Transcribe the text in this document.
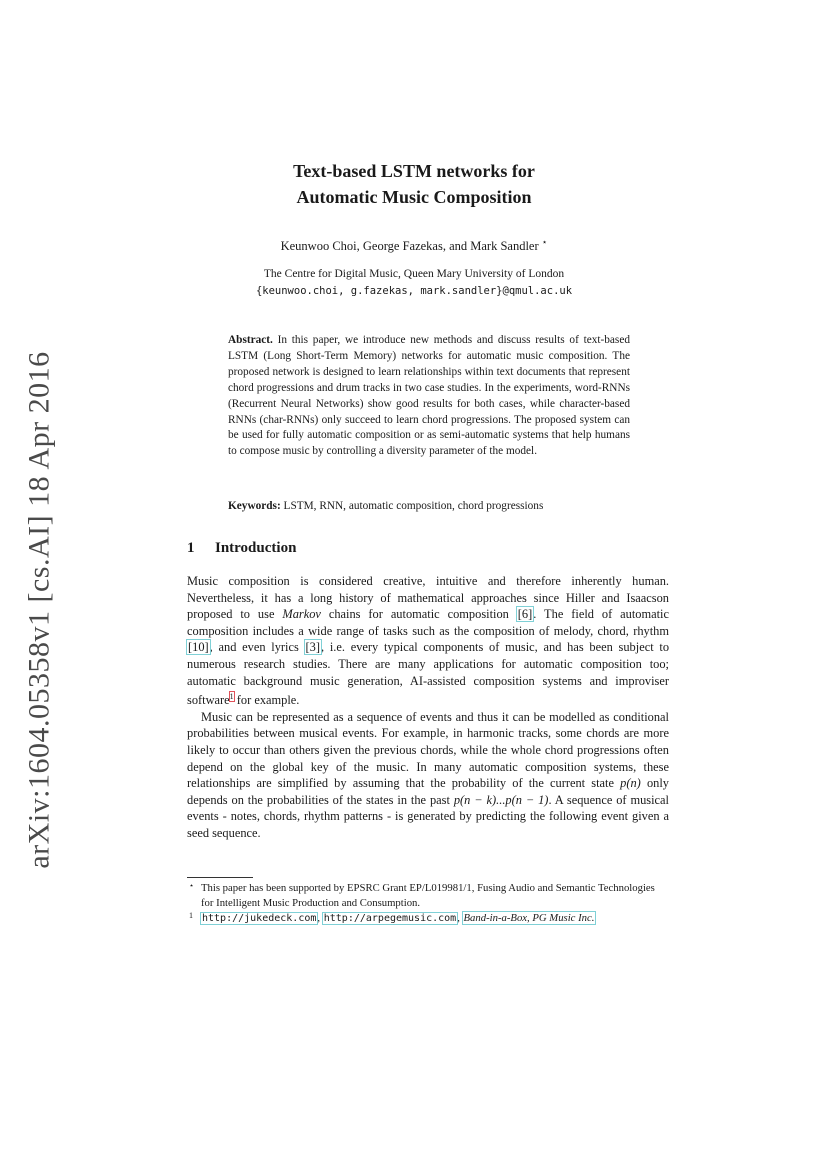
arXiv:1604.05358v1 [cs.AI] 18 Apr 2016
Text-based LSTM networks for
Automatic Music Composition
Keunwoo Choi, George Fazekas, and Mark Sandler ⋆
The Centre for Digital Music, Queen Mary University of London
{keunwoo.choi, g.fazekas, mark.sandler}@qmul.ac.uk
Abstract. In this paper, we introduce new methods and discuss results of text-based LSTM (Long Short-Term Memory) networks for automatic music composition. The proposed network is designed to learn relationships within text documents that represent chord progressions and drum tracks in two case studies. In the experiments, word-RNNs (Recurrent Neural Networks) show good results for both cases, while character-based RNNs (char-RNNs) only succeed to learn chord progressions. The proposed system can be used for fully automatic composition or as semi-automatic systems that help humans to compose music by controlling a diversity parameter of the model.
Keywords: LSTM, RNN, automatic composition, chord progressions
1 Introduction

Music composition is considered creative, intuitive and therefore inherently human. Nevertheless, it has a long history of mathematical approaches since Hiller and Isaacson proposed to use Markov chains for automatic composition [6]. The field of automatic composition includes a wide range of tasks such as the composition of melody, chord, rhythm [10], and even lyrics [3], i.e. every typical components of music, and has been subject to numerous research studies. There are many applications for automatic composition too; automatic background music generation, AI-assisted composition systems and improviser software$^1$ for example.

Music can be represented as a sequence of events and thus it can be modelled as conditional probabilities between musical events. For example, in harmonic tracks, some chords are more likely to occur than others given the previous chords, while the whole chord progressions often depend on the global key of the music. In many automatic composition systems, these relationships are simplified by assuming that the probability of the current state p(n) only depends on the probabilities of the states in the past p(n − k)...p(n − 1). A sequence of musical events - notes, chords, rhythm patterns - is generated by predicting the following event given a seed sequence.

⋆ This paper has been supported by EPSRC Grant EP/L019981/1, Fusing Audio and Semantic Technologies for Intelligent Music Production and Consumption.
1 http://jukedeck.com, http://arpegemusic.com, Band-in-a-Box, PG Music Inc.
